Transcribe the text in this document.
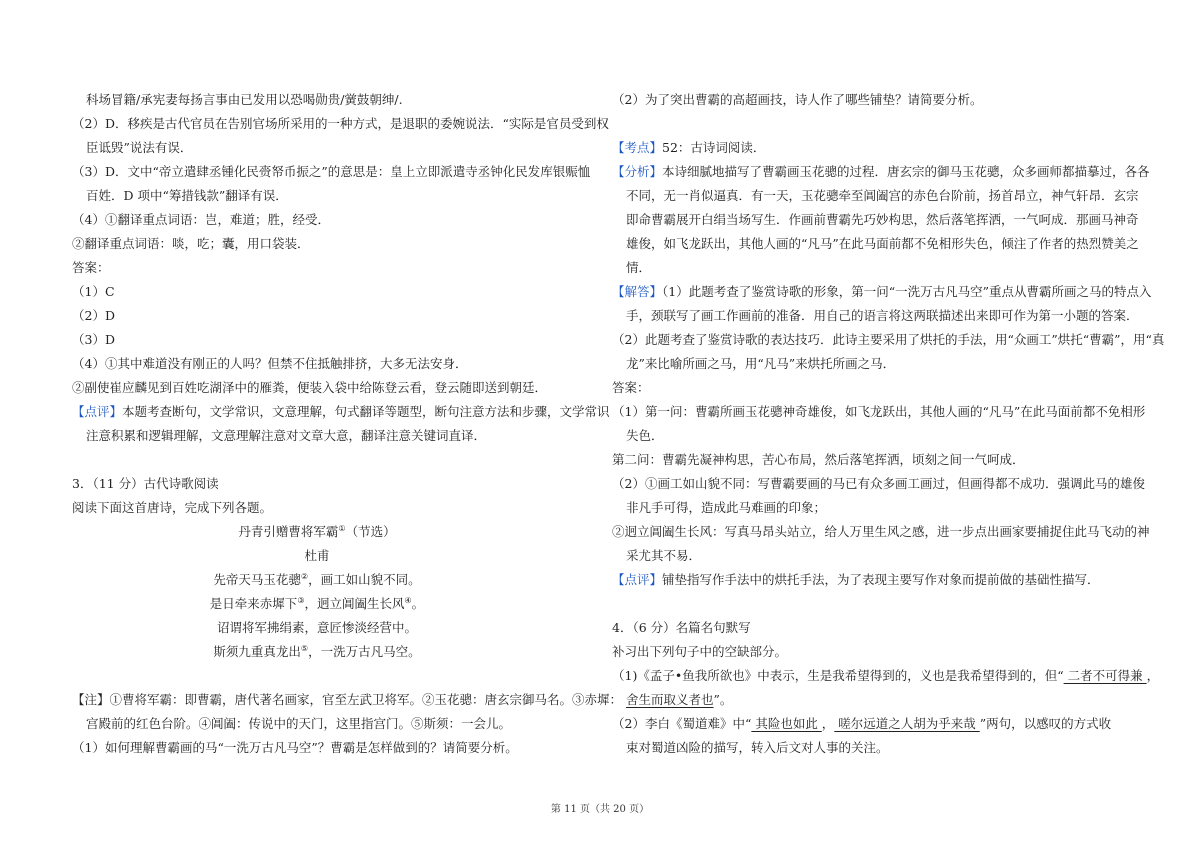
科场冒籍/承宪妻每扬言事由已发用以恐喝勋贵/黉鼓朝绅/.
（2）D．移疾是古代官员在告别官场所采用的一种方式，是退职的委婉说法．“实际是官员受到权
臣诋毁”说法有误．
（3）D．文中“帝立遣肆丞锺化民赍帑币振之”的意思是：皇上立即派遣寺丞钟化民发库银赈恤
百姓．D 项中“筹措钱款”翻译有误．
（4）①翻译重点词语：岂，难道；胜，经受．
②翻译重点词语：啖，吃；囊，用口袋装．
答案：
（1）C
（2）D
（3）D
（4）①其中难道没有刚正的人吗？但禁不住抵触排挤，大多无法安身．
②副使崔应麟见到百姓吃湖泽中的雁粪，便装入袋中给陈登云看，登云随即送到朝廷．
【点评】本题考查断句，文学常识，文意理解，句式翻译等题型，断句注意方法和步骤，文学常识
注意积累和逻辑理解，文意理解注意对文章大意，翻译注意关键词直译．
3．（11 分）古代诗歌阅读
阅读下面这首唐诗，完成下列各题。
丹青引赠曹将军霸①（节选）
杜甫
先帝天马玉花骢②，画工如山貌不同。
是日牵来赤墀下③，迥立阊阖生长风④。
诏谓将军拂绢素，意匠惨淡经营中。
斯须九重真龙出⑤，一洗万古凡马空。
【注】①曹将军霸：即曹霸，唐代著名画家，官至左武卫将军。②玉花骢：唐玄宗御马名。③赤墀：
宫殿前的红色台阶。④阊阖：传说中的天门，这里指宫门。⑤斯须：一会儿。
（1）如何理解曹霸画的马“一洗万古凡马空”？曹霸是怎样做到的？请简要分析。
（2）为了突出曹霸的高超画技，诗人作了哪些铺垫？请简要分析。
【考点】52：古诗词阅读．
【分析】本诗细腻地描写了曹霸画玉花骢的过程．唐玄宗的御马玉花骢，众多画师都描摹过，各各
不同，无一肖似逼真．有一天，玉花骢牵至阊阖宫的赤色台阶前，扬首昂立，神气轩昂．玄宗
即命曹霸展开白绢当场写生．作画前曹霸先巧妙构思，然后落笔挥洒，一气呵成．那画马神奇
雄俊，如飞龙跃出，其他人画的“凡马”在此马面前都不免相形失色，倾注了作者的热烈赞美之
情．
【解答】（1）此题考查了鉴赏诗歌的形象，第一问“一洗万古凡马空”重点从曹霸所画之马的特点入
手，颈联写了画工作画前的准备．用自己的语言将这两联描述出来即可作为第一小题的答案．
（2）此题考查了鉴赏诗歌的表达技巧．此诗主要采用了烘托的手法，用“众画工”烘托“曹霸”，用“真
龙”来比喻所画之马，用“凡马”来烘托所画之马．
答案：
（1）第一问：曹霸所画玉花骢神奇雄俊，如飞龙跃出，其他人画的“凡马”在此马面前都不免相形
失色．
第二问：曹霸先凝神构思，苦心布局，然后落笔挥洒，顷刻之间一气呵成．
（2）①画工如山貌不同：写曹霸要画的马已有众多画工画过，但画得都不成功．强调此马的雄俊
非凡手可得，造成此马难画的印象；
②迥立阊阖生长风：写真马昂头站立，给人万里生风之感，进一步点出画家要捕捉住此马飞动的神
采尤其不易．
【点评】铺垫指写作手法中的烘托手法，为了表现主要写作对象而提前做的基础性描写．
4．（6 分）名篇名句默写
补习出下列句子中的空缺部分。
（1)《孟子•鱼我所欲也》中表示，生是我希望得到的，义也是我希望得到的，但“ 二者不可得兼 ，
舍生而取义者也”。
（2）李白《蜀道难》中“ 其险也如此 ， 嗟尔远道之人胡为乎来哉 ”两句，以感叹的方式收
束对蜀道凶险的描写，转入后文对人事的关注。
第 11 页（共 20 页）
